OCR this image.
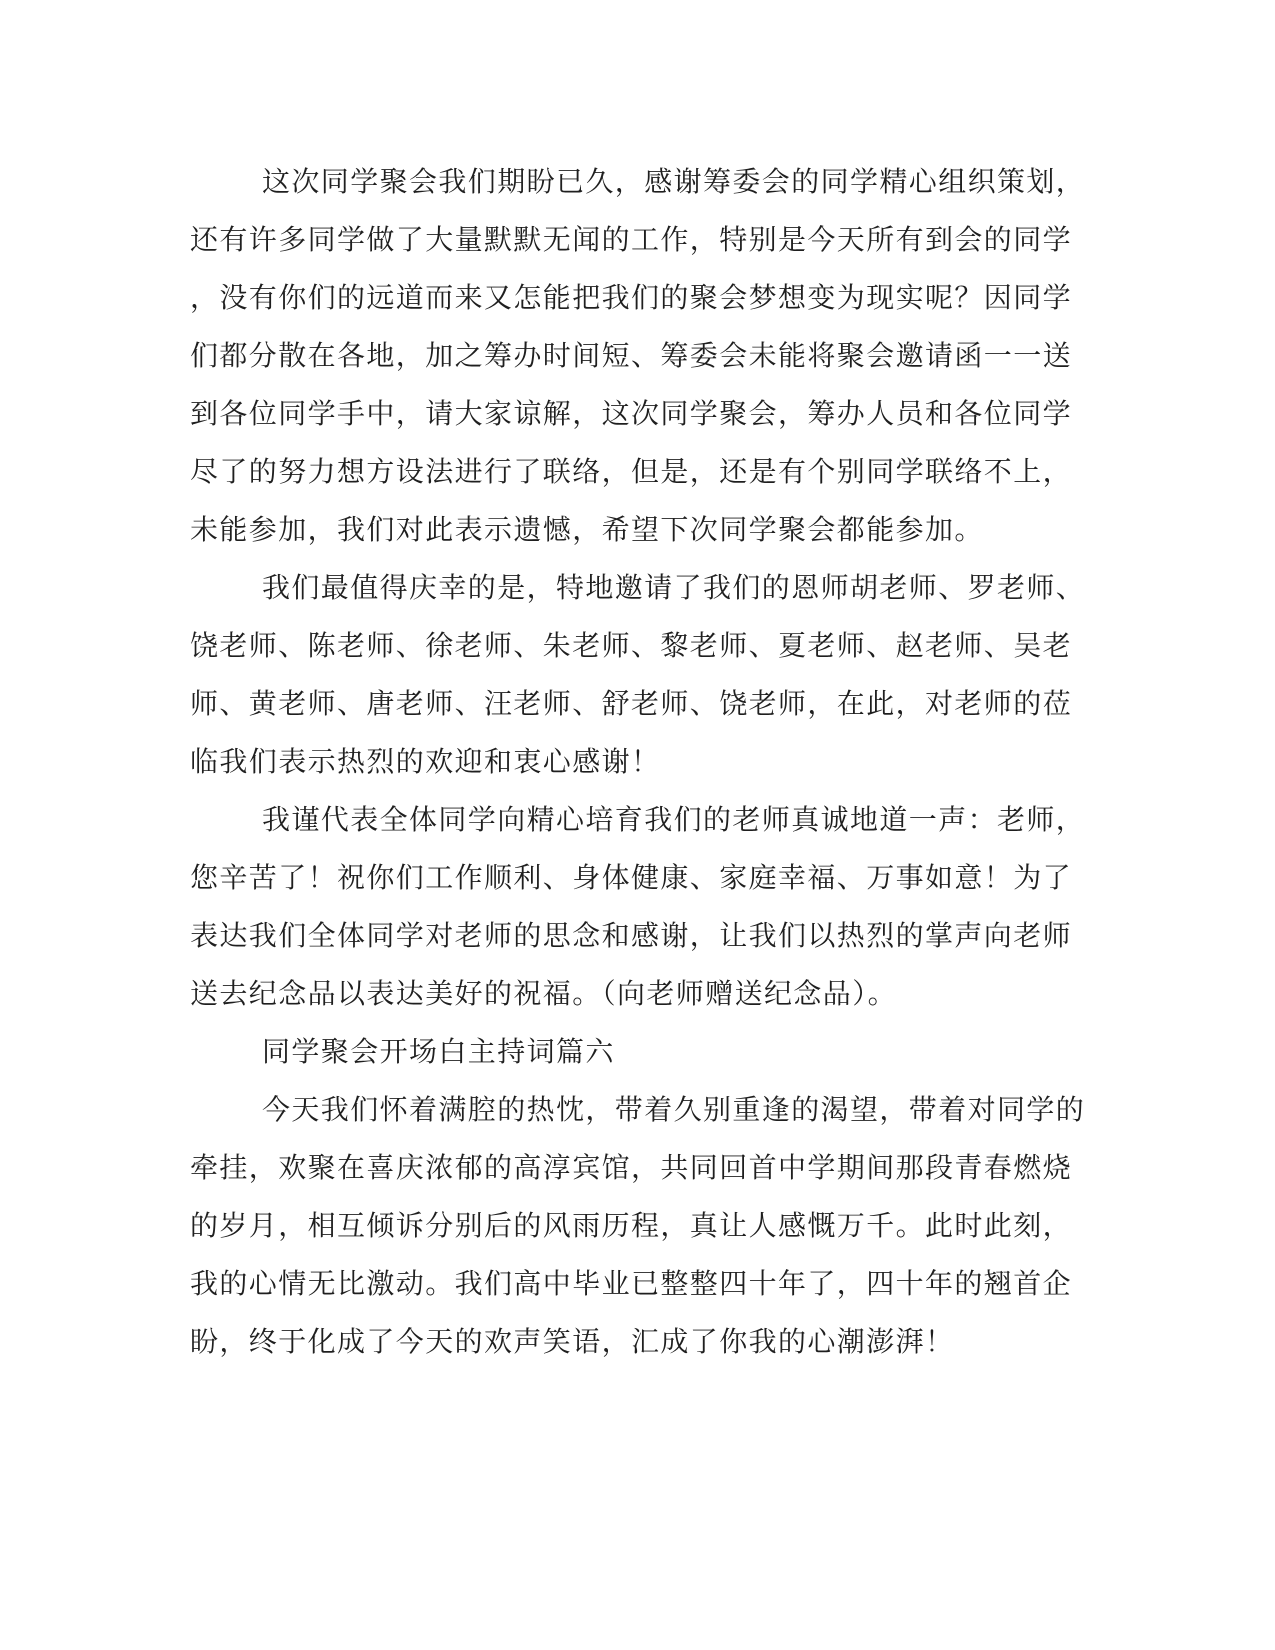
这次同学聚会我们期盼已久，感谢筹委会的同学精心组织策划，

还有许多同学做了大量默默无闻的工作，特别是今天所有到会的同学

，没有你们的远道而来又怎能把我们的聚会梦想变为现实呢？因同学

们都分散在各地，加之筹办时间短、筹委会未能将聚会邀请函一一送

到各位同学手中，请大家谅解，这次同学聚会，筹办人员和各位同学

尽了的努力想方设法进行了联络，但是，还是有个别同学联络不上，

未能参加，我们对此表示遗憾，希望下次同学聚会都能参加。

我们最值得庆幸的是，特地邀请了我们的恩师胡老师、罗老师、

饶老师、陈老师、徐老师、朱老师、黎老师、夏老师、赵老师、吴老

师、黄老师、唐老师、汪老师、舒老师、饶老师，在此，对老师的莅

临我们表示热烈的欢迎和衷心感谢！

我谨代表全体同学向精心培育我们的老师真诚地道一声：老师，

您辛苦了！祝你们工作顺利、身体健康、家庭幸福、万事如意！为了

表达我们全体同学对老师的思念和感谢，让我们以热烈的掌声向老师

送去纪念品以表达美好的祝福。（向老师赠送纪念品）。

同学聚会开场白主持词篇六

今天我们怀着满腔的热忱，带着久别重逢的渴望，带着对同学的

牵挂，欢聚在喜庆浓郁的高淳宾馆，共同回首中学期间那段青春燃烧

的岁月，相互倾诉分别后的风雨历程，真让人感慨万千。此时此刻，

我的心情无比激动。我们高中毕业已整整四十年了，四十年的翘首企

盼，终于化成了今天的欢声笑语，汇成了你我的心潮澎湃！
